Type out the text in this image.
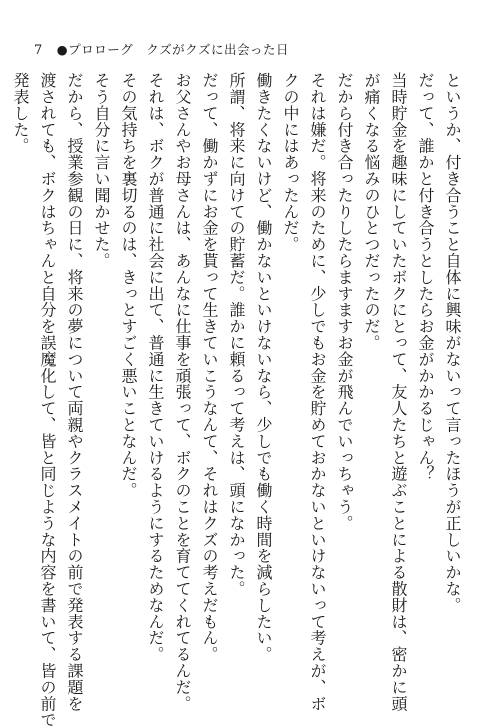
7 ●プロローグ　クズがクズに出会った日
というか、付き合うこと自体に興味がないって言ったほうが正しいかな。
だって、誰かと付き合うとしたらお金がかかるじゃん？
当時貯金を趣味にしていたボクにとって、友人たちと遊ぶことによる散財は、密かに頭
が痛くなる悩みのひとつだったのだ。
だから付き合ったりしたらますますお金が飛んでいっちゃう。
それは嫌だ。将来のために、少しでもお金を貯めておかないといけないって考えが、ボ
クの中にはあったんだ。
働きたくないけど、働かないといけないなら、少しでも働く時間を減らしたい。
所謂、将来に向けての貯蓄だ。誰かに頼るって考えは、頭になかった。
だって、働かずにお金を貰って生きていこうなんて、それはクズの考えだもん。
お父さんやお母さんは、あんなに仕事を頑張って、ボクのことを育ててくれてるんだ。
それは、ボクが普通に社会に出て、普通に生きていけるようにするためなんだ。
その気持ちを裏切るのは、きっとすごく悪いことなんだ。
そう自分に言い聞かせた。
だから、授業参観の日に、将来の夢について両親やクラスメイトの前で発表する課題を
渡されても、ボクはちゃんと自分を誤魔化して、皆と同じような内容を書いて、皆の前で
発表した。
